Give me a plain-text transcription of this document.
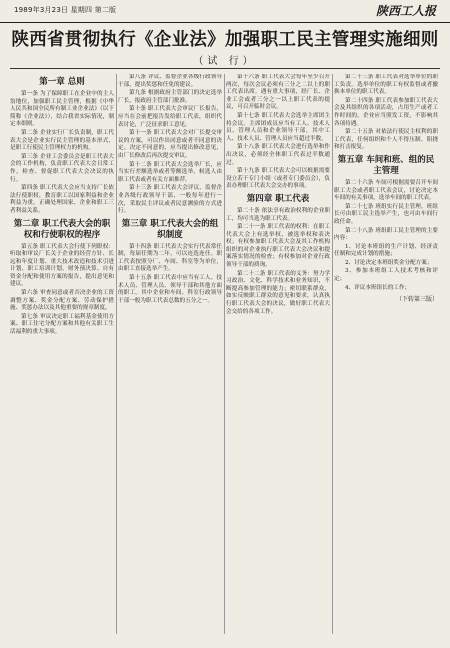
1989年3月23日 星期四 第二版	陕西工人报
陕西省贯彻执行《企业法》加强职工民主管理实施细则
（试 行）
第一章 总则

第一条 为了保障职工在企业中的主人翁地位，加强职工民主管理，根据《中华人民共和国全民所有制工业企业法》（以下简称《企业法》），结合我省实际情况，制定本细则。

第二条 企业实行厂长负责制，职工代表大会是企业实行民主管理的基本形式，是职工行使民主管理权力的机构。

第三条 企业工会委员会是职工代表大会的工作机构，负责职工代表大会日常工作，检查、督促职工代表大会决议的执行。

第四条 职工代表大会应当支持厂长依法行使职权，教育职工以国家利益和企业利益为重，正确处理国家、企业和职工三者利益关系。

第二章 职工代表大会的职权和行使职权的程序

第五条 职工代表大会行使下列职权：听取和审议厂长关于企业的经营方针、长远和年度计划、重大技术改造和技术引进计划、职工培训计划、财务预决算、自有资金分配和使用方案的报告，提出意见和建议。

第六条 审查同意或者否决企业的工资调整方案、奖金分配方案、劳动保护措施、奖惩办法以及其他重要的规章制度。

第七条 审议决定职工福利基金使用方案、职工住宅分配方案和其他有关职工生活福利的重大事项。

第八条 评议、监督企业各级行政领导干部，提出奖惩和任免的建议。

第九条 根据政府主管部门的决定选举厂长，报政府主管部门批准。

第十条 职工代表大会审议厂长报告，应当在会前把报告发给职工代表，组织代表讨论，广泛征求职工意见。

第十一条 职工代表大会对厂长提交审议的方案，可以作出同意或者不同意的决定。决定不同意的，应当提出修改意见，由厂长修改后再次提交审议。

第十二条 职工代表大会选举厂长，应当实行差额选举或者等额选举，候选人由职工代表或者有关方面推荐。

第十三条 职工代表大会评议、监督企业各级行政领导干部，一般每年进行一次，采取民主评议或者民意测验的方式进行。

第三章 职工代表大会的组织制度

第十四条 职工代表大会实行代表常任制，每届任期为二年，可以连选连任。职工代表按照分厂、车间、科室等为单位，由职工直接选举产生。

第十五条 职工代表中应当有工人、技术人员、管理人员、领导干部和其他方面的职工。其中企业和车间、科室行政领导干部一般为职工代表总数的五分之一。

第十六条 职工代表大会每年至少召开两次，每次会议必须有三分之二以上的职工代表出席。遇有重大事项，经厂长、企业工会或者三分之一以上职工代表的提议，可召开临时会议。

第十七条 职工代表大会选举主席团主持会议。主席团成员应当有工人、技术人员、管理人员和企业领导干部，其中工人、技术人员、管理人员应当超过半数。

第十八条 职工代表大会进行选举和作出决议，必须经全体职工代表过半数通过。

第十九条 职工代表大会可以根据需要设立若干专门小组（或者专门委员会），负责办理职工代表大会交办的事项。

第四章 职工代表

第二十条 依法享有政治权利的企业职工，均可当选为职工代表。

第二十一条 职工代表的权利：在职工代表大会上有选举权、被选举权和表决权；有权参加职工代表大会及其工作机构组织的对企业执行职工代表大会决议和提案落实情况的检查；有权参加对企业行政领导干部的质询。

第二十二条 职工代表的义务：努力学习政治、文化、科学技术和业务知识，不断提高参加管理的能力；密切联系群众，如实反映职工群众的意见和要求，认真执行职工代表大会的决议，做好职工代表大会交给的各项工作。

第二十三条 职工代表对选举单位的职工负责。选举单位的职工有权监督或者撤换本单位的职工代表。

第二十四条 职工代表参加职工代表大会及其组织的各项活动，占用生产或者工作时间的，企业应当照发工资，不影响其各项待遇。

第二十五条 对依法行使民主权利的职工代表，任何组织和个人不得压制、阻挠和打击报复。

第五章 车间和班、组的民主管理

第二十六条 车间可根据需要召开车间职工大会或者职工代表会议，讨论决定本车间的有关事项，选举车间的职工代表。

第二十七条 班组实行民主管理，班组长可由职工民主选举产生，也可由车间行政任命。

第二十八条 班组职工民主管理的主要内容：

1、讨论本班组的生产计划、经济责任制和完成计划的措施；

2、讨论决定本班组奖金分配方案；

3、参加本班组工人技术考核和评定；

4、评议本班组长的工作；

（下转第三版）
